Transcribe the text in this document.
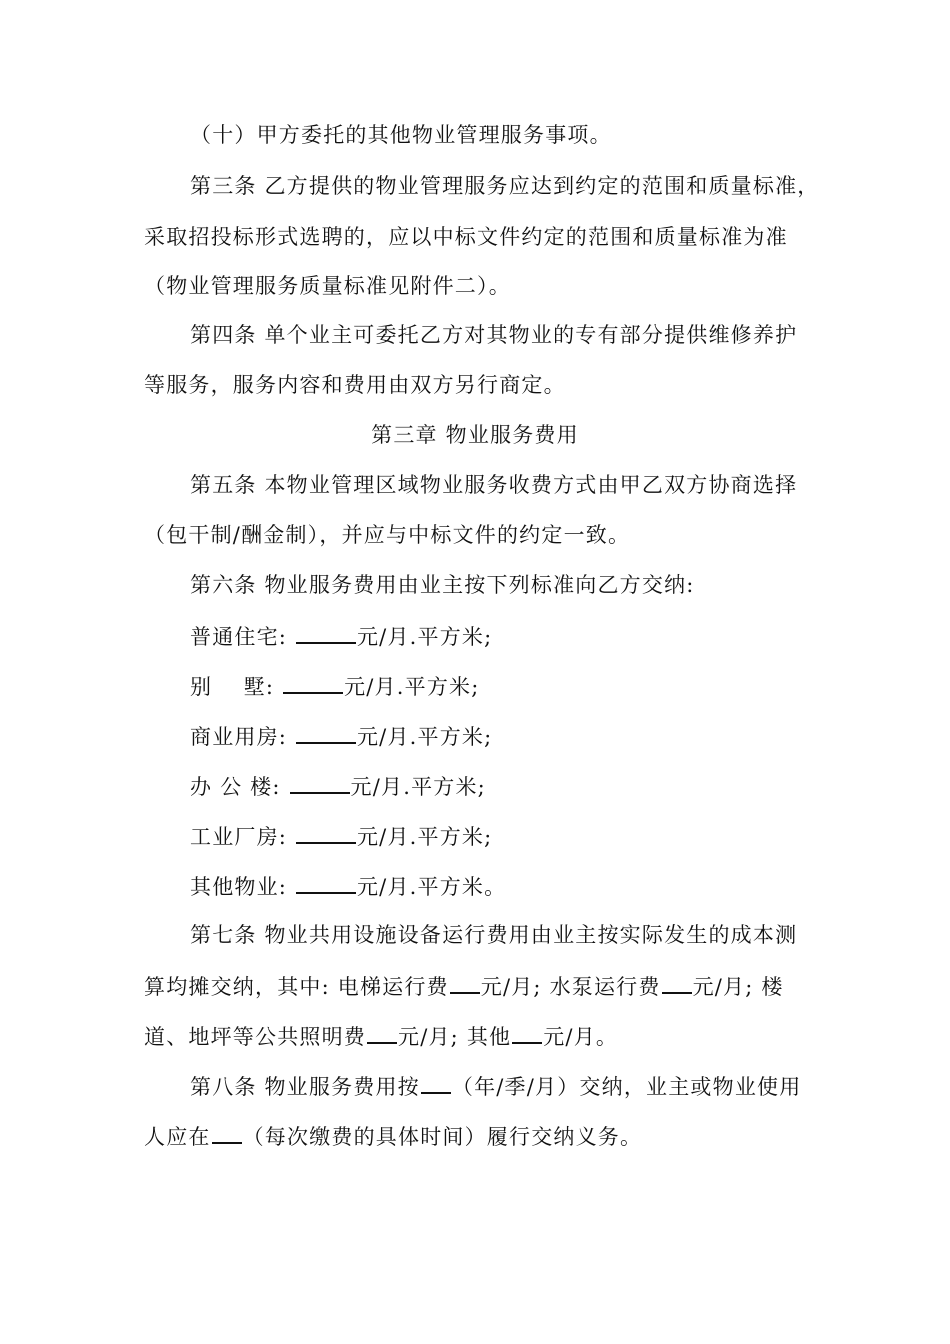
（十）甲方委托的其他物业管理服务事项。
第三条 乙方提供的物业管理服务应达到约定的范围和质量标准，
采取招投标形式选聘的，应以中标文件约定的范围和质量标准为准
（物业管理服务质量标准见附件二）。
第四条 单个业主可委托乙方对其物业的专有部分提供维修养护
等服务，服务内容和费用由双方另行商定。
第三章 物业服务费用
第五条 本物业管理区域物业服务收费方式由甲乙双方协商选择
（包干制/酬金制），并应与中标文件的约定一致。
第六条 物业服务费用由业主按下列标准向乙方交纳:
普通住宅:	元/月.平方米;
别    墅:	元/月.平方米;
商业用房:	元/月.平方米;
办 公 楼:	元/月.平方米;
工业厂房:	元/月.平方米;
其他物业:	元/月.平方米。
第七条 物业共用设施设备运行费用由业主按实际发生的成本测
算均摊交纳，其中: 电梯运行费 元/月; 水泵运行费 元/月; 楼
道、地坪等公共照明费 元/月; 其他 元/月。
第八条 物业服务费用按 （年/季/月）交纳，业主或物业使用
人应在 （每次缴费的具体时间）履行交纳义务。
